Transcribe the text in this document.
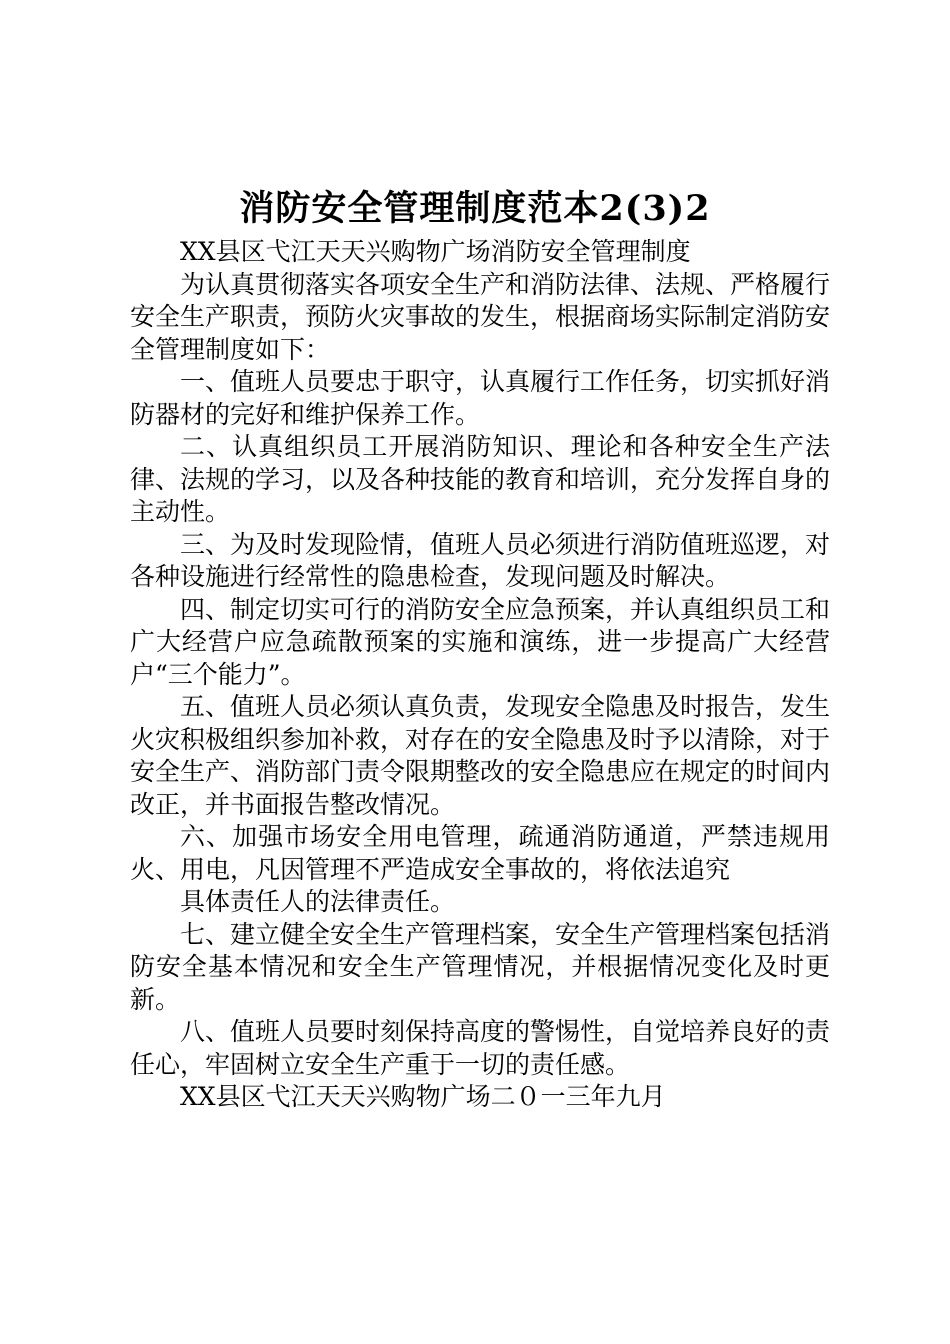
消防安全管理制度范本2(3)2

XX县区弋江天天兴购物广场消防安全管理制度

为认真贯彻落实各项安全生产和消防法律、法规、严格履行安全生产职责，预防火灾事故的发生，根据商场实际制定消防安全管理制度如下：

一、值班人员要忠于职守，认真履行工作任务，切实抓好消防器材的完好和维护保养工作。

二、认真组织员工开展消防知识、理论和各种安全生产法律、法规的学习，以及各种技能的教育和培训，充分发挥自身的主动性。

三、为及时发现险情，值班人员必须进行消防值班巡逻，对各种设施进行经常性的隐患检查，发现问题及时解决。

四、制定切实可行的消防安全应急预案，并认真组织员工和广大经营户应急疏散预案的实施和演练，进一步提高广大经营户“三个能力”。

五、值班人员必须认真负责，发现安全隐患及时报告，发生火灾积极组织参加补救，对存在的安全隐患及时予以清除，对于安全生产、消防部门责令限期整改的安全隐患应在规定的时间内改正，并书面报告整改情况。

六、加强市场安全用电管理，疏通消防通道，严禁违规用火、用电，凡因管理不严造成安全事故的，将依法追究

具体责任人的法律责任。

七、建立健全安全生产管理档案，安全生产管理档案包括消防安全基本情况和安全生产管理情况，并根据情况变化及时更新。

八、值班人员要时刻保持高度的警惕性，自觉培养良好的责任心，牢固树立安全生产重于一切的责任感。

XX县区弋江天天兴购物广场二０一三年九月
